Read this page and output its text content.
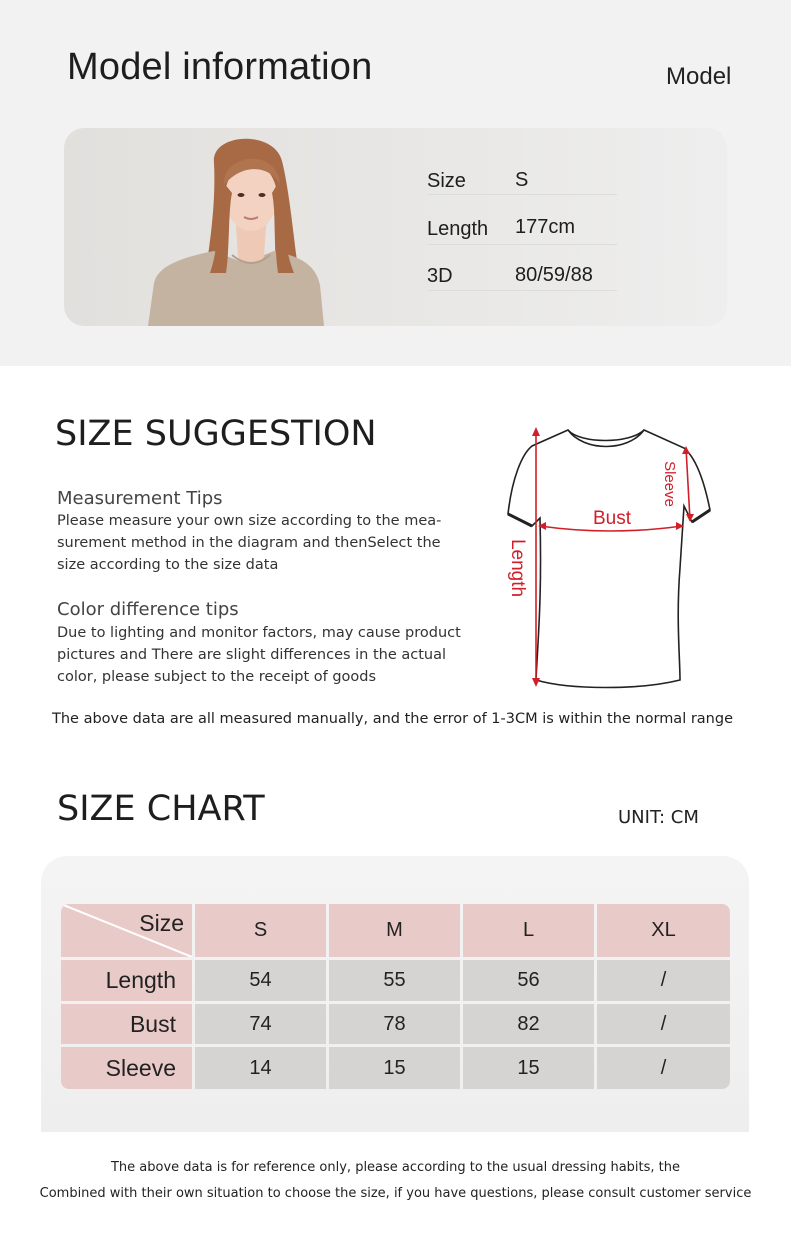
Model information	Model
Size S
Length 177cm
3D	80/59/88
SIZE SUGGESTION
Measurement Tips
Please measure your own size according to the mea-
surement method in the diagram and thenSelect the
size according to the size data
Color difference tips
Due to lighting and monitor factors, may cause product
pictures and There are slight differences in the actual
color, please subject to the receipt of goods
Bust
Length
Sleeve
The above data are all measured manually, and the error of 1-3CM is within the normal range
SIZE CHART	UNIT: CM
Size	S	M	L	XL
Length	54	55	56	/
Bust	74	78	82	/
Sleeve	14	15	15	/
The above data is for reference only, please according to the usual dressing habits, the
Combined with their own situation to choose the size, if you have questions, please consult customer service
